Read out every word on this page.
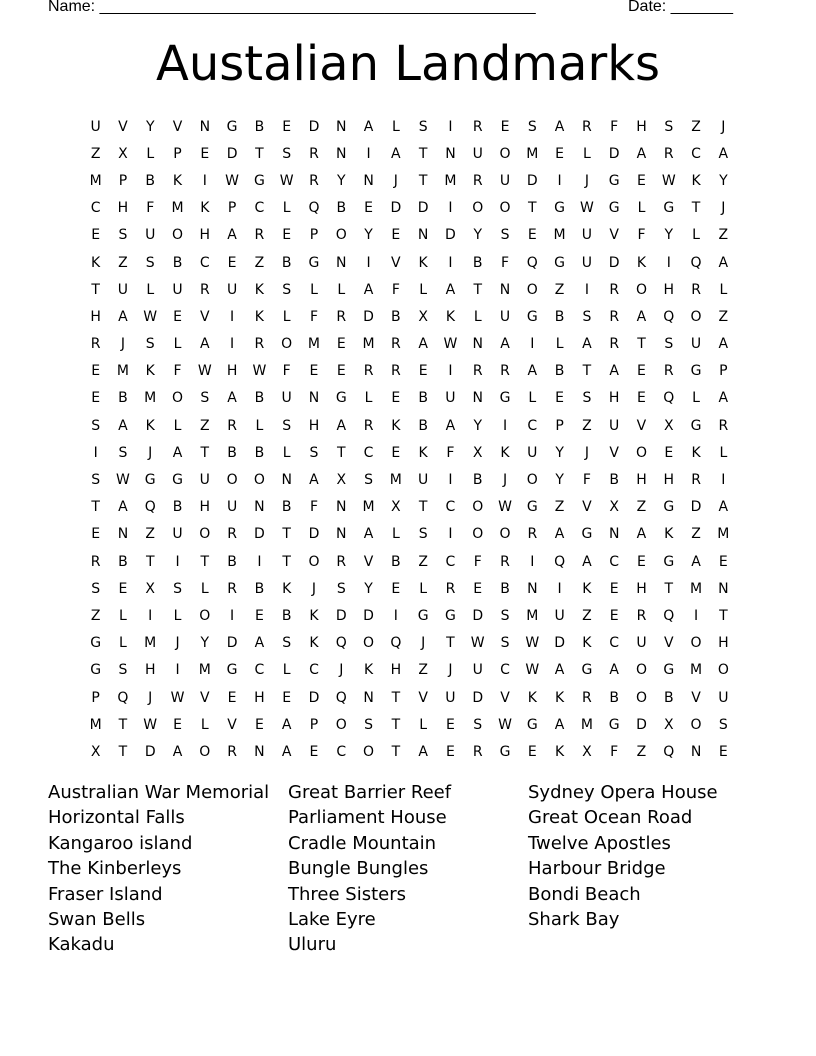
Name: _________________________________________________	Date: _______
Austalian Landmarks
U	V	Y	V	N	G	B	E	D	N	A	L	S	I	R	E	S	A	R	F	H	S	Z	J
Z	X	L	P	E	D	T	S	R	N	I	A	T	N	U	O	M	E	L	D	A	R	C	A
M	P	B	K	I	W	G	W	R	Y	N	J	T	M	R	U	D	I	J	G	E	W	K	Y
C	H	F	M	K	P	C	L	Q	B	E	D	D	I	O	O	T	G	W	G	L	G	T	J
E	S	U	O	H	A	R	E	P	O	Y	E	N	D	Y	S	E	M	U	V	F	Y	L	Z
K	Z	S	B	C	E	Z	B	G	N	I	V	K	I	B	F	Q	G	U	D	K	I	Q	A
T	U	L	U	R	U	K	S	L	L	A	F	L	A	T	N	O	Z	I	R	O	H	R	L
H	A	W	E	V	I	K	L	F	R	D	B	X	K	L	U	G	B	S	R	A	Q	O	Z
R	J	S	L	A	I	R	O	M	E	M	R	A	W	N	A	I	L	A	R	T	S	U	A
E	M	K	F	W	H	W	F	E	E	R	R	E	I	R	R	A	B	T	A	E	R	G	P
E	B	M	O	S	A	B	U	N	G	L	E	B	U	N	G	L	E	S	H	E	Q	L	A
S	A	K	L	Z	R	L	S	H	A	R	K	B	A	Y	I	C	P	Z	U	V	X	G	R
I	S	J	A	T	B	B	L	S	T	C	E	K	F	X	K	U	Y	J	V	O	E	K	L
S	W	G	G	U	O	O	N	A	X	S	M	U	I	B	J	O	Y	F	B	H	H	R	I
T	A	Q	B	H	U	N	B	F	N	M	X	T	C	O	W	G	Z	V	X	Z	G	D	A
E	N	Z	U	O	R	D	T	D	N	A	L	S	I	O	O	R	A	G	N	A	K	Z	M
R	B	T	I	T	B	I	T	O	R	V	B	Z	C	F	R	I	Q	A	C	E	G	A	E
S	E	X	S	L	R	B	K	J	S	Y	E	L	R	E	B	N	I	K	E	H	T	M	N
Z	L	I	L	O	I	E	B	K	D	D	I	G	G	D	S	M	U	Z	E	R	Q	I	T
G	L	M	J	Y	D	A	S	K	Q	O	Q	J	T	W	S	W	D	K	C	U	V	O	H
G	S	H	I	M	G	C	L	C	J	K	H	Z	J	U	C	W	A	G	A	O	G	M	O
P	Q	J	W	V	E	H	E	D	Q	N	T	V	U	D	V	K	K	R	B	O	B	V	U
M	T	W	E	L	V	E	A	P	O	S	T	L	E	S	W	G	A	M	G	D	X	O	S
X	T	D	A	O	R	N	A	E	C	O	T	A	E	R	G	E	K	X	F	Z	Q	N	E
Australian War Memorial
Horizontal Falls
Kangaroo island
The Kinberleys
Fraser Island
Swan Bells
Kakadu
Great Barrier Reef
Parliament House
Cradle Mountain
Bungle Bungles
Three Sisters
Lake Eyre
Uluru
Sydney Opera House
Great Ocean Road
Twelve Apostles
Harbour Bridge
Bondi Beach
Shark Bay
